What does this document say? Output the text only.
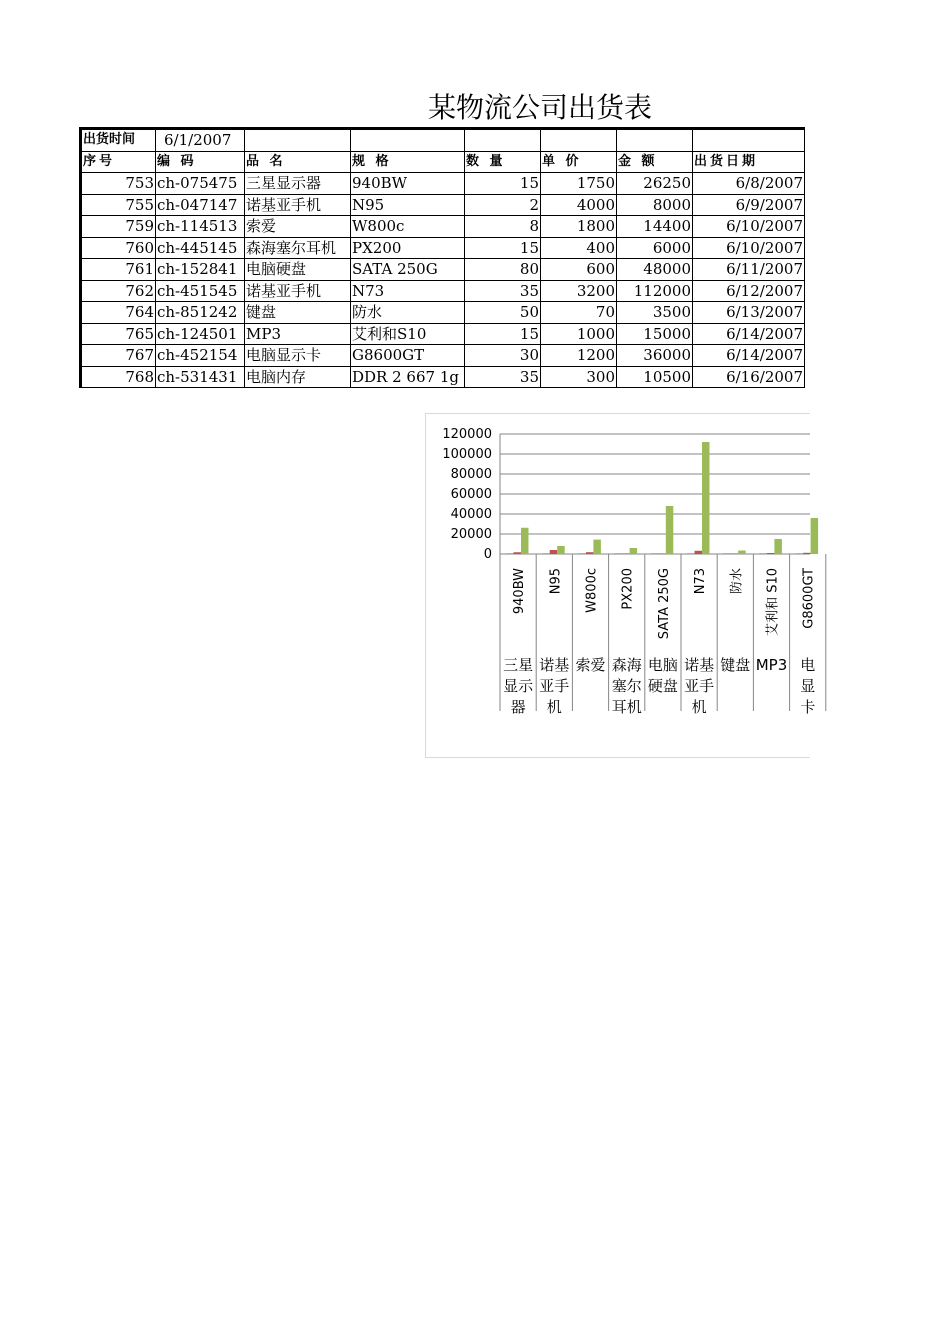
某物流公司出货表
出货时间	6/1/2007						
序号	编 码	品 名	规 格	数 量	单 价	金 额	出货日期
753	ch-075475	三星显示器	940BW	15	1750	26250	6/8/2007
755	ch-047147	诺基亚手机	N95	2	4000	8000	6/9/2007
759	ch-114513	索爱	W800c	8	1800	14400	6/10/2007
760	ch-445145	森海塞尔耳机	PX200	15	400	6000	6/10/2007
761	ch-152841	电脑硬盘	SATA 250G	80	600	48000	6/11/2007
762	ch-451545	诺基亚手机	N73	35	3200	112000	6/12/2007
764	ch-851242	键盘	防水	50	70	3500	6/13/2007
765	ch-124501	MP3	艾利和S10	15	1000	15000	6/14/2007
767	ch-452154	电脑显示卡	G8600GT	30	1200	36000	6/14/2007
768	ch-531431	电脑内存	DDR 2 667 1g	35	300	10500	6/16/2007
0
20000
40000
60000
80000
100000
120000
940BW
三星
显示
器
N95
诺基
亚手
机
W800c
索爱
PX200
森海
塞尔
耳机
SATA 250G
电脑
硬盘
N73
诺基
亚手
机
防水
键盘
艾利和 S10
MP3
G8600GT
电
显
卡
